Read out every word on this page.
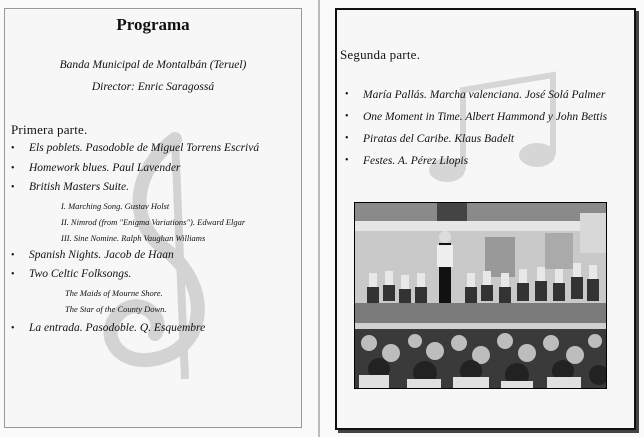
Programa
Banda Municipal de Montalbán (Teruel)
Director: Enric Saragossá
Primera parte.
• Els poblets. Pasodoble de Miguel Torrens Escrivá
• Homework blues. Paul Lavender
• British Masters Suite.
I. Marching Song. Gustav Holst
II. Nimrod (from "Enigma Variations"). Edward Elgar
III. Sine Nomine. Ralph Vaughan Williams
• Spanish Nights. Jacob de Haan
• Two Celtic Folksongs.
The Maids of Mourne Shore.
The Star of the County Down.
• La entrada. Pasodoble. Q. Esquembre
Segunda parte.
• María Pallás. Marcha valenciana. José Solá Palmer
• One Moment in Time. Albert Hammond y John Bettis
• Piratas del Caribe. Klaus Badelt
• Festes. A. Pérez Llopis
